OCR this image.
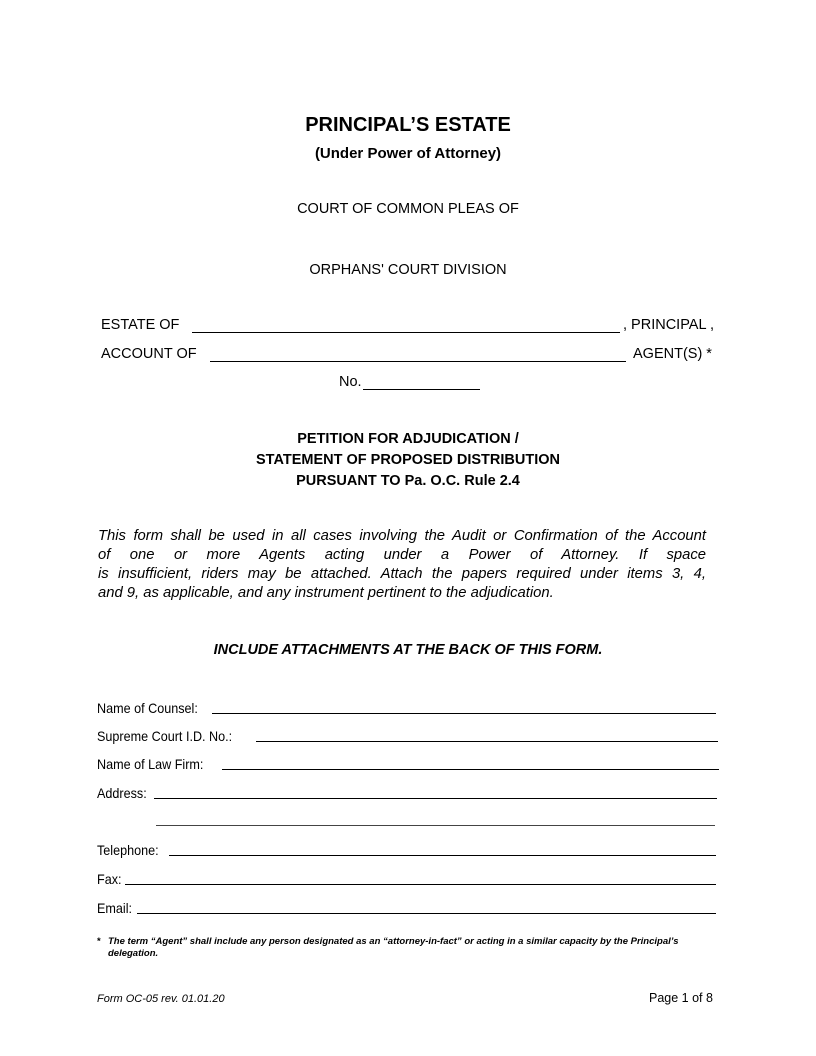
PRINCIPAL’S ESTATE
(Under Power of Attorney)
COURT OF COMMON PLEAS OF
ORPHANS' COURT DIVISION
ESTATE OF	, PRINCIPAL ,
ACCOUNT OF	AGENT(S) *
No.
PETITION FOR ADJUDICATION /
STATEMENT OF PROPOSED DISTRIBUTION
PURSUANT TO Pa. O.C. Rule 2.4
This form shall be used in all cases involving the Audit or Confirmation of the Account
of one or more Agents acting under a Power of Attorney. If space
is insufficient, riders may be attached. Attach the papers required under items 3, 4,
and 9, as applicable, and any instrument pertinent to the adjudication.
INCLUDE ATTACHMENTS AT THE BACK OF THIS FORM.
Name of Counsel:
Supreme Court I.D. No.:
Name of Law Firm:
Address:
Telephone:
Fax:
Email:
* The term “Agent” shall include any person designated as an “attorney-in-fact” or acting in a similar capacity by the Principal’s
delegation.
Form OC-05 rev. 01.01.20	Page 1 of 8
